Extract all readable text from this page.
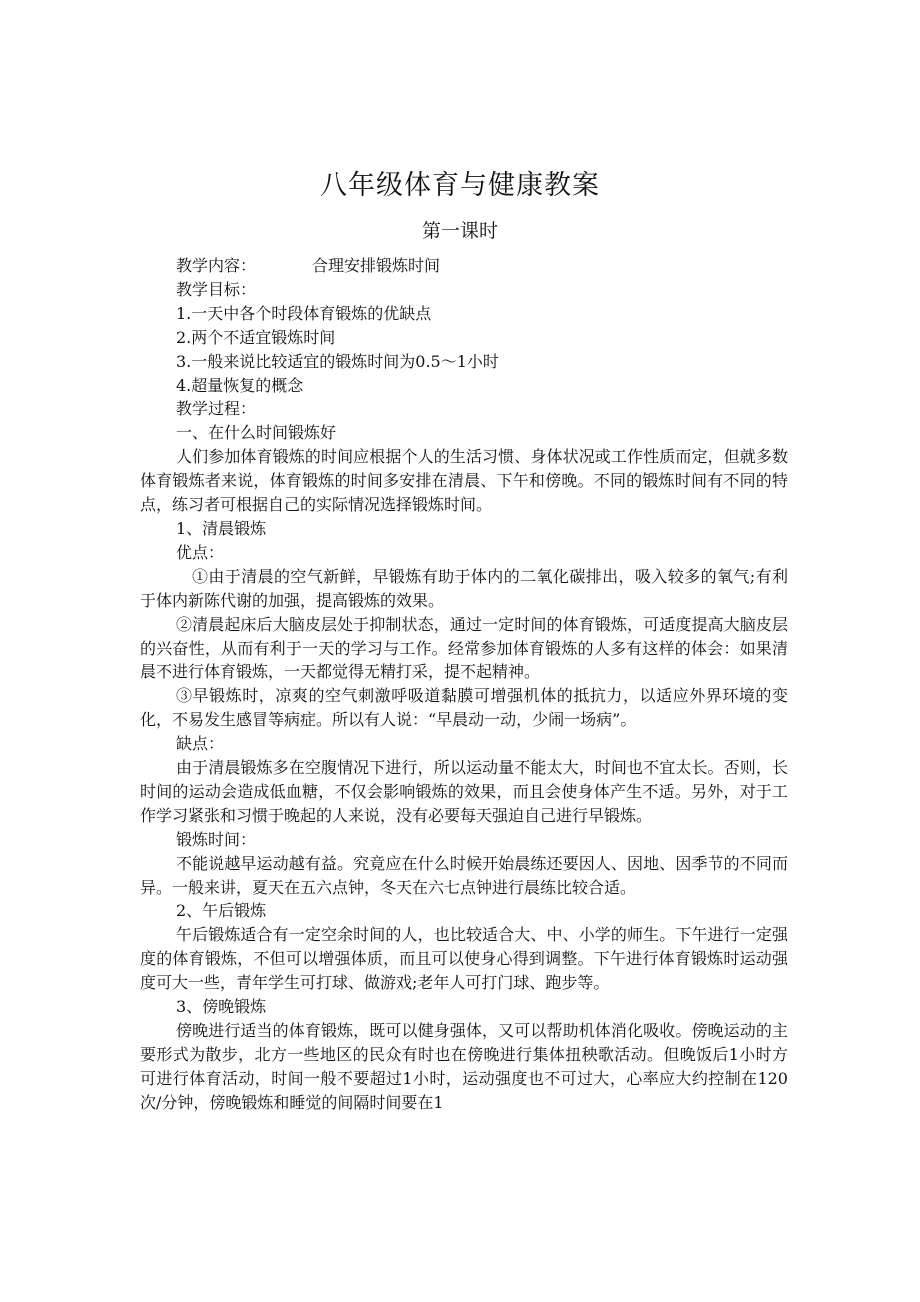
八年级体育与健康教案
第一课时

教学内容：	合理安排锻炼时间

教学目标：

1.一天中各个时段体育锻炼的优缺点

2.两个不适宜锻炼时间

3.一般来说比较适宜的锻炼时间为0.5～1小时

4.超量恢复的概念

教学过程：

一、在什么时间锻炼好

人们参加体育锻炼的时间应根据个人的生活习惯、身体状况或工作性质而定，但就多数体育锻炼者来说，体育锻炼的时间多安排在清晨、下午和傍晚。不同的锻炼时间有不同的特点，练习者可根据自己的实际情况选择锻炼时间。

1、清晨锻炼

优点：

①由于清晨的空气新鲜，早锻炼有助于体内的二氧化碳排出，吸入较多的氧气;有利于体内新陈代谢的加强，提高锻炼的效果。

②清晨起床后大脑皮层处于抑制状态，通过一定时间的体育锻炼，可适度提高大脑皮层的兴奋性，从而有利于一天的学习与工作。经常参加体育锻炼的人多有这样的体会：如果清晨不进行体育锻炼，一天都觉得无精打采，提不起精神。

③早锻炼时，凉爽的空气刺激呼吸道黏膜可增强机体的抵抗力，以适应外界环境的变化，不易发生感冒等病症。所以有人说：“早晨动一动，少闹一场病”。

缺点：

由于清晨锻炼多在空腹情况下进行，所以运动量不能太大，时间也不宜太长。否则，长时间的运动会造成低血糖，不仅会影响锻炼的效果，而且会使身体产生不适。另外，对于工作学习紧张和习惯于晚起的人来说，没有必要每天强迫自己进行早锻炼。

锻炼时间：

不能说越早运动越有益。究竟应在什么时候开始晨练还要因人、因地、因季节的不同而异。一般来讲，夏天在五六点钟，冬天在六七点钟进行晨练比较合适。

2、午后锻炼

午后锻炼适合有一定空余时间的人，也比较适合大、中、小学的师生。下午进行一定强度的体育锻炼，不但可以增强体质，而且可以使身心得到调整。下午进行体育锻炼时运动强度可大一些，青年学生可打球、做游戏;老年人可打门球、跑步等。

3、傍晚锻炼

傍晚进行适当的体育锻炼，既可以健身强体，又可以帮助机体消化吸收。傍晚运动的主要形式为散步，北方一些地区的民众有时也在傍晚进行集体扭秧歌活动。但晚饭后1小时方可进行体育活动，时间一般不要超过1小时，运动强度也不可过大，心率应大约控制在120次/分钟，傍晚锻炼和睡觉的间隔时间要在1
